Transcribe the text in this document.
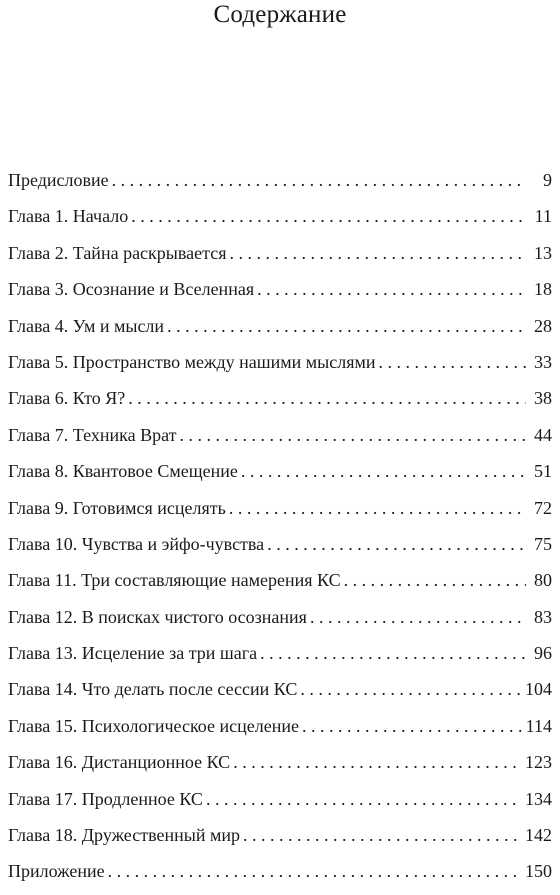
Содержание
Предисловие . . .	9
Глава 1. Начало . . .	11
Глава 2. Тайна раскрывается . . .	13
Глава 3. Осознание и Вселенная . . .	18
Глава 4. Ум и мысли . . .	28
Глава 5. Пространство между нашими мыслями . . .	33
Глава 6. Кто Я? . . .	38
Глава 7. Техника Врат . . .	44
Глава 8. Квантовое Смещение . . .	51
Глава 9. Готовимся исцелять . . .	72
Глава 10. Чувства и эйфо-чувства . . .	75
Глава 11. Три составляющие намерения КС . . .	80
Глава 12. В поисках чистого осознания . . .	83
Глава 13. Исцеление за три шага . . .	96
Глава 14. Что делать после сессии КС . . .	104
Глава 15. Психологическое исцеление . . .	114
Глава 16. Дистанционное КС . . .	123
Глава 17. Продленное КС . . .	134
Глава 18. Дружественный мир . . .	142
Приложение . . .	150
